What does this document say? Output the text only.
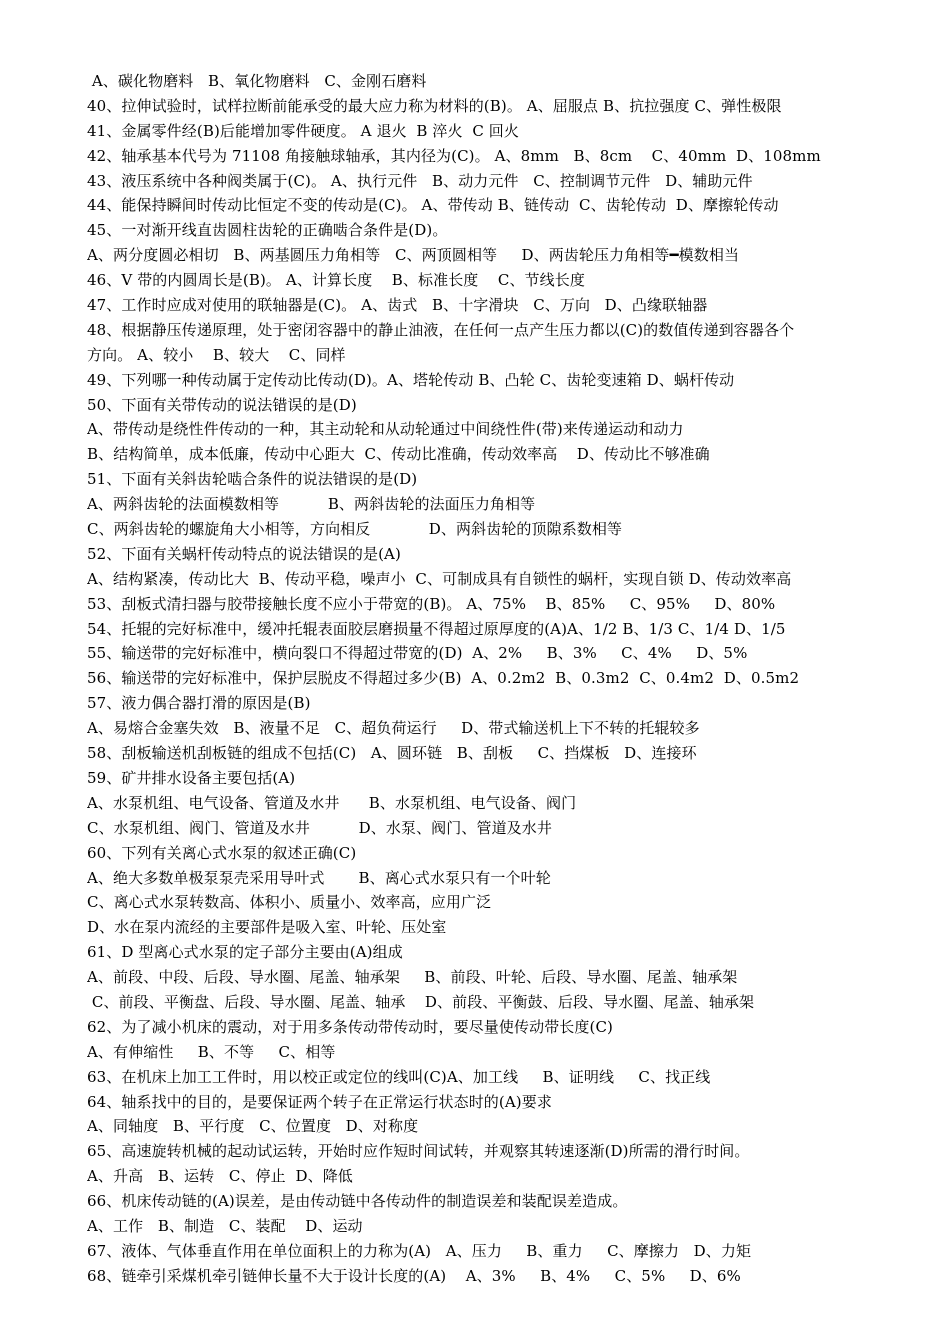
A、碳化物磨料   B、氧化物磨料   C、金刚石磨料
40、拉伸试验时，试样拉断前能承受的最大应力称为材料的(B)。 A、屈服点 B、抗拉强度 C、弹性极限
41、金属零件经(B)后能增加零件硬度。 A 退火  B 淬火  C 回火
42、轴承基本代号为 71108 角接触球轴承，其内径为(C)。 A、8mm   B、8cm    C、40mm  D、108mm
43、液压系统中各种阀类属于(C)。 A、执行元件   B、动力元件   C、控制调节元件   D、辅助元件
44、能保持瞬间时传动比恒定不变的传动是(C)。 A、带传动 B、链传动  C、齿轮传动  D、摩擦轮传动
45、一对渐开线直齿圆柱齿轮的正确啮合条件是(D)。
A、两分度圆必相切   B、两基圆压力角相等   C、两顶圆相等     D、两齿轮压力角相等━模数相当
46、V 带的内圆周长是(B)。 A、计算长度    B、标准长度    C、节线长度
47、工作时应成对使用的联轴器是(C)。 A、齿式   B、十字滑块   C、万向   D、凸缘联轴器
48、根据静压传递原理，处于密闭容器中的静止油液，在任何一点产生压力都以(C)的数值传递到容器各个
方向。 A、较小    B、较大    C、同样
49、下列哪一种传动属于定传动比传动(D)。A、塔轮传动 B、凸轮 C、齿轮变速箱 D、蜗杆传动
50、下面有关带传动的说法错误的是(D)
A、带传动是绕性件传动的一种，其主动轮和从动轮通过中间绕性件(带)来传递运动和动力
B、结构简单，成本低廉，传动中心距大  C、传动比准确，传动效率高    D、传动比不够准确
51、下面有关斜齿轮啮合条件的说法错误的是(D)
A、两斜齿轮的法面模数相等          B、两斜齿轮的法面压力角相等
C、两斜齿轮的螺旋角大小相等，方向相反            D、两斜齿轮的顶隙系数相等
52、下面有关蜗杆传动特点的说法错误的是(A)
A、结构紧凑，传动比大  B、传动平稳，噪声小  C、可制成具有自锁性的蜗杆，实现自锁 D、传动效率高
53、刮板式清扫器与胶带接触长度不应小于带宽的(B)。 A、75%    B、85%     C、95%     D、80%
54、托辊的完好标准中，缓冲托辊表面胶层磨损量不得超过原厚度的(A)A、1/2 B、1/3 C、1/4 D、1/5
55、输送带的完好标准中，横向裂口不得超过带宽的(D)  A、2%     B、3%     C、4%     D、5%
56、输送带的完好标准中，保护层脱皮不得超过多少(B)  A、0.2m2  B、0.3m2  C、0.4m2  D、0.5m2
57、液力偶合器打滑的原因是(B)
A、易熔合金塞失效   B、液量不足   C、超负荷运行     D、带式输送机上下不转的托辊较多
58、刮板输送机刮板链的组成不包括(C)   A、圆环链   B、刮板     C、挡煤板   D、连接环
59、矿井排水设备主要包括(A)
A、水泵机组、电气设备、管道及水井      B、水泵机组、电气设备、阀门
C、水泵机组、阀门、管道及水井          D、水泵、阀门、管道及水井
60、下列有关离心式水泵的叙述正确(C)
A、绝大多数单极泵泵壳采用导叶式       B、离心式水泵只有一个叶轮
C、离心式水泵转数高、体积小、质量小、效率高，应用广泛
D、水在泵内流经的主要部件是吸入室、叶轮、压处室
61、D 型离心式水泵的定子部分主要由(A)组成
A、前段、中段、后段、导水圈、尾盖、轴承架     B、前段、叶轮、后段、导水圈、尾盖、轴承架
C、前段、平衡盘、后段、导水圈、尾盖、轴承    D、前段、平衡鼓、后段、导水圈、尾盖、轴承架
62、为了减小机床的震动，对于用多条传动带传动时，要尽量使传动带长度(C)
A、有伸缩性     B、不等     C、相等
63、在机床上加工工件时，用以校正或定位的线叫(C)A、加工线     B、证明线     C、找正线
64、轴系找中的目的，是要保证两个转子在正常运行状态时的(A)要求
A、同轴度   B、平行度   C、位置度   D、对称度
65、高速旋转机械的起动试运转，开始时应作短时间试转，并观察其转速逐渐(D)所需的滑行时间。
A、升高   B、运转   C、停止  D、降低
66、机床传动链的(A)误差，是由传动链中各传动件的制造误差和装配误差造成。
A、工作   B、制造   C、装配    D、运动
67、液体、气体垂直作用在单位面积上的力称为(A)   A、压力     B、重力     C、摩擦力   D、力矩
68、链牵引采煤机牵引链伸长量不大于设计长度的(A)    A、3%     B、4%     C、5%     D、6%
